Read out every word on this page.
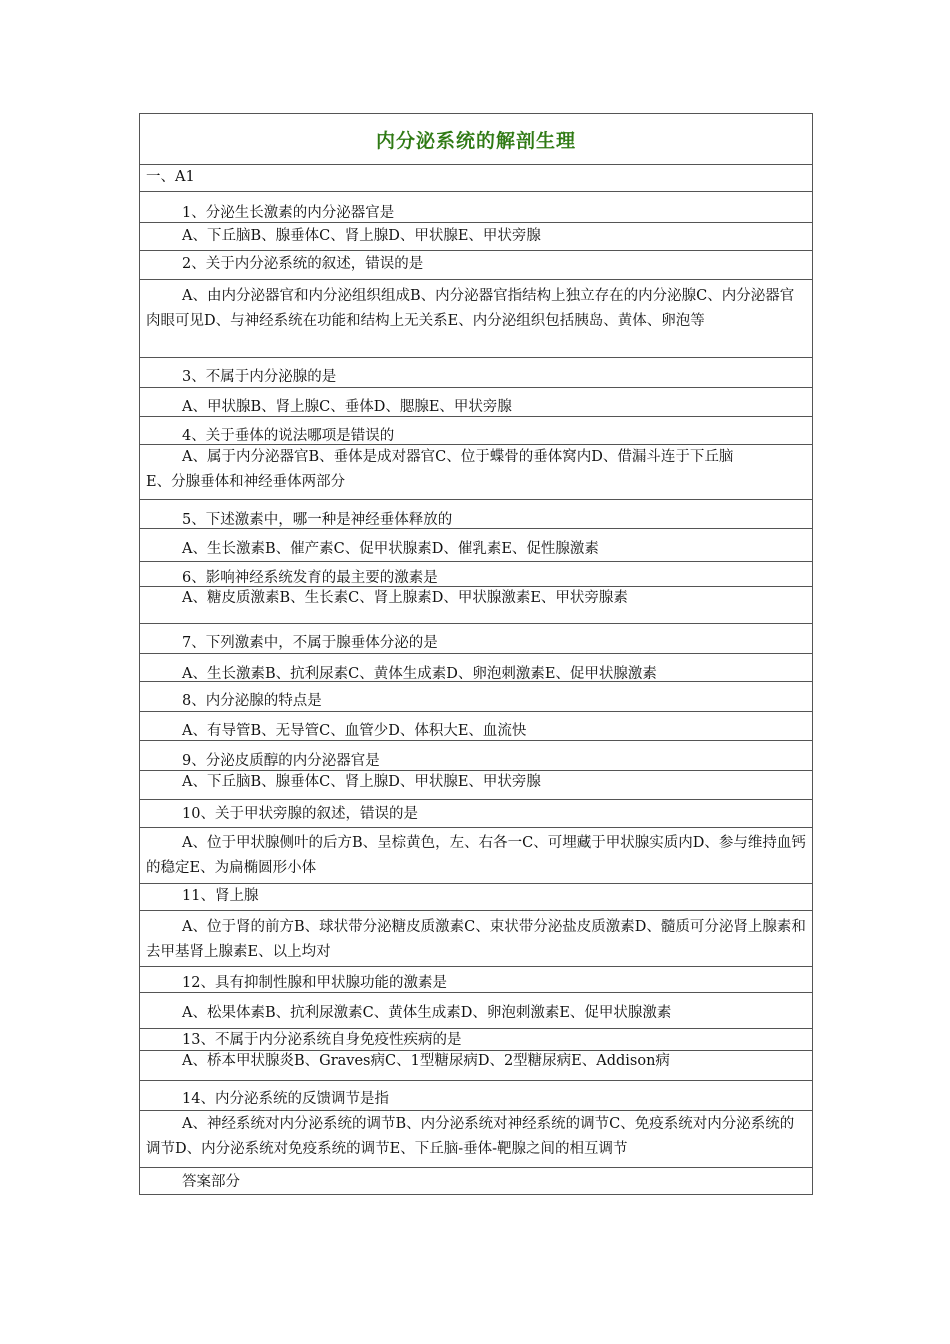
内分泌系统的解剖生理
一、A1
1、分泌生长激素的内分泌器官是
A、下丘脑B、腺垂体C、肾上腺D、甲状腺E、甲状旁腺
2、关于内分泌系统的叙述，错误的是
A、由内分泌器官和内分泌组织组成B、内分泌器官指结构上独立存在的内分泌腺C、内分泌器官肉眼可见D、与神经系统在功能和结构上无关系E、内分泌组织包括胰岛、黄体、卵泡等
3、不属于内分泌腺的是
A、甲状腺B、肾上腺C、垂体D、腮腺E、甲状旁腺
4、关于垂体的说法哪项是错误的
A、属于内分泌器官B、垂体是成对器官C、位于蝶骨的垂体窝内D、借漏斗连于下丘脑
E、分腺垂体和神经垂体两部分
5、下述激素中，哪一种是神经垂体释放的
A、生长激素B、催产素C、促甲状腺素D、催乳素E、促性腺激素
6、影响神经系统发育的最主要的激素是
A、糖皮质激素B、生长素C、肾上腺素D、甲状腺激素E、甲状旁腺素
7、下列激素中，不属于腺垂体分泌的是
A、生长激素B、抗利尿素C、黄体生成素D、卵泡刺激素E、促甲状腺激素
8、内分泌腺的特点是
A、有导管B、无导管C、血管少D、体积大E、血流快
9、分泌皮质醇的内分泌器官是
A、下丘脑B、腺垂体C、肾上腺D、甲状腺E、甲状旁腺
10、关于甲状旁腺的叙述，错误的是
A、位于甲状腺侧叶的后方B、呈棕黄色，左、右各一C、可埋藏于甲状腺实质内D、参与维持血钙的稳定E、为扁椭圆形小体
11、肾上腺
A、位于肾的前方B、球状带分泌糖皮质激素C、束状带分泌盐皮质激素D、髓质可分泌肾上腺素和去甲基肾上腺素E、以上均对
12、具有抑制性腺和甲状腺功能的激素是
A、松果体素B、抗利尿激素C、黄体生成素D、卵泡刺激素E、促甲状腺激素
13、不属于内分泌系统自身免疫性疾病的是
A、桥本甲状腺炎B、Graves病C、1型糖尿病D、2型糖尿病E、Addison病
14、内分泌系统的反馈调节是指
A、神经系统对内分泌系统的调节B、内分泌系统对神经系统的调节C、免疫系统对内分泌系统的调节D、内分泌系统对免疫系统的调节E、下丘脑-垂体-靶腺之间的相互调节
答案部分
